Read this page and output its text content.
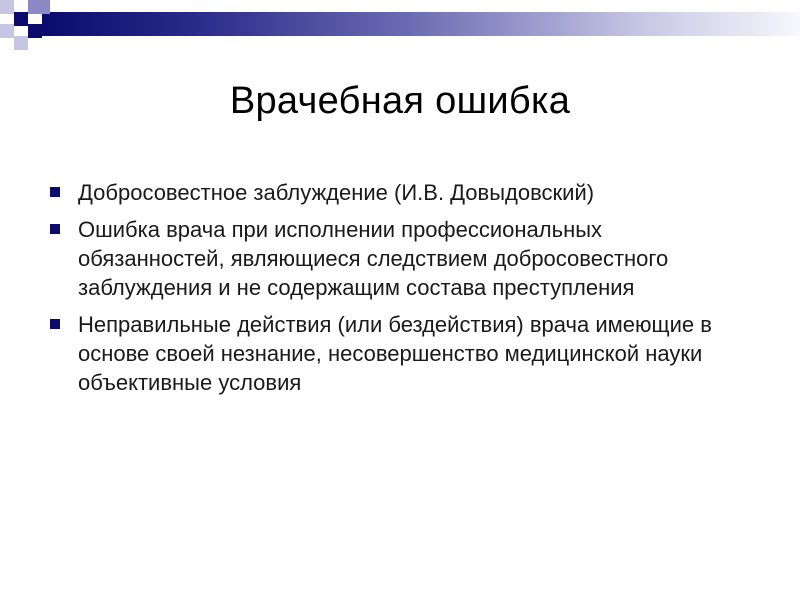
Врачебная ошибка
Добросовестное заблуждение (И.В. Довыдовский)
Ошибка врача при исполнении профессиональных обязанностей, являющиеся следствием добросовестного заблуждения и не содержащим состава преступления
Неправильные действия (или бездействия) врача имеющие в основе своей незнание, несовершенство медицинской науки объективные условия
